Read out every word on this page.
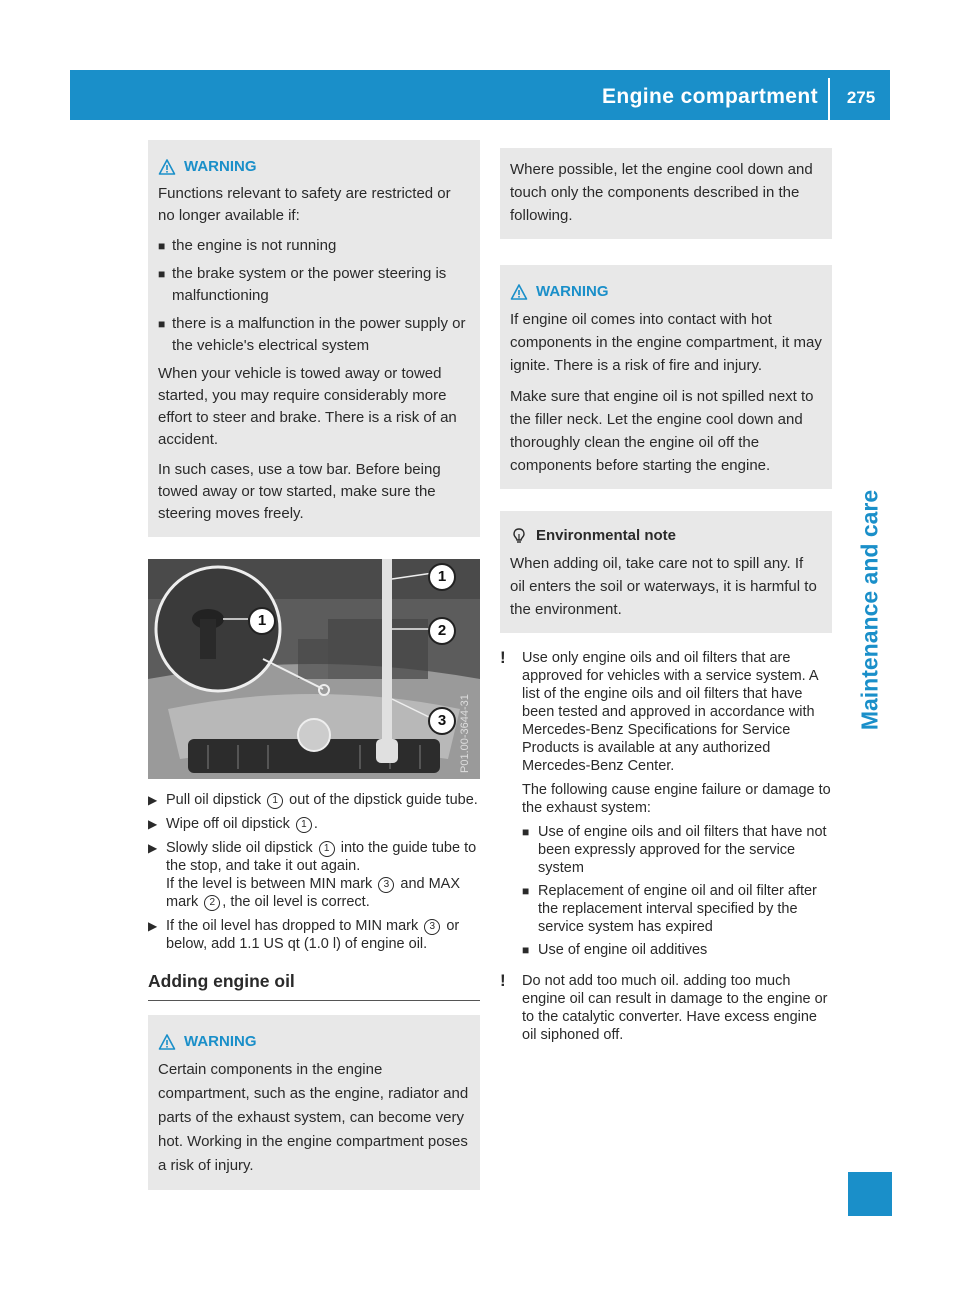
Engine compartment	275
Maintenance and care
WARNING

Functions relevant to safety are restricted or no longer available if:

■ the engine is not running
■ the brake system or the power steering is malfunctioning
■ there is a malfunction in the power supply or the vehicle's electrical system

When your vehicle is towed away or towed started, you may require considerably more effort to steer and brake. There is a risk of an accident.

In such cases, use a tow bar. Before being towed away or tow started, make sure the steering moves freely.

1
1
2
3	P01.00-3644-31
▶ Pull oil dipstick 1 out of the dipstick guide tube.
▶ Wipe off oil dipstick 1 .
▶ Slowly slide oil dipstick 1 into the guide tube to the stop, and take it out again.
If the level is between MIN mark 3 and MAX mark 2 , the oil level is correct.
▶ If the oil level has dropped to MIN mark 3 or below, add 1.1 US qt (1.0 l) of engine oil.
Adding engine oil
WARNING

Certain components in the engine compartment, such as the engine, radiator and parts of the exhaust system, can become very hot. Working in the engine compartment poses a risk of injury.

Where possible, let the engine cool down and touch only the components described in the following.

WARNING

If engine oil comes into contact with hot components in the engine compartment, it may ignite. There is a risk of fire and injury.

Make sure that engine oil is not spilled next to the filler neck. Let the engine cool down and thoroughly clean the engine oil off the components before starting the engine.

Environmental note

When adding oil, take care not to spill any. If oil enters the soil or waterways, it is harmful to the environment.

!	Use only engine oils and oil filters that are approved for vehicles with a service system. A list of the engine oils and oil filters that have been tested and approved in accordance with Mercedes-Benz Specifications for Service Products is available at any authorized Mercedes-Benz Center.

The following cause engine failure or damage to the exhaust system:

■ Use of engine oils and oil filters that have not been expressly approved for the service system
■ Replacement of engine oil and oil filter after the replacement interval specified by the service system has expired
■ Use of engine oil additives
!	Do not add too much oil. adding too much engine oil can result in damage to the engine or to the catalytic converter. Have excess engine oil siphoned off.
